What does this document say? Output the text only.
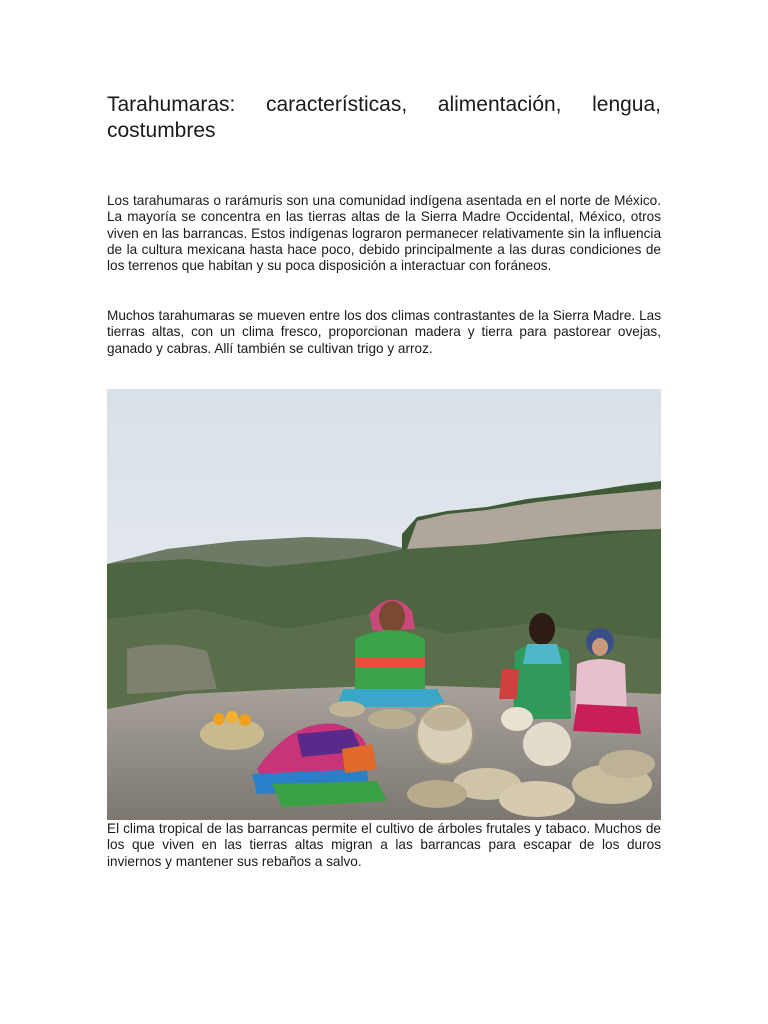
Tarahumaras: características, alimentación, lengua, costumbres

Los tarahumaras o rarámuris son una comunidad indígena asentada en el norte de México. La mayoría se concentra en las tierras altas de la Sierra Madre Occidental, México, otros viven en las barrancas. Estos indígenas lograron permanecer relativamente sin la influencia de la cultura mexicana hasta hace poco, debido principalmente a las duras condiciones de los terrenos que habitan y su poca disposición a interactuar con foráneos.

Muchos tarahumaras se mueven entre los dos climas contrastantes de la Sierra Madre. Las tierras altas, con un clima fresco, proporcionan madera y tierra para pastorear ovejas, ganado y cabras. Allí también se cultivan trigo y arroz.

El clima tropical de las barrancas permite el cultivo de árboles frutales y tabaco. Muchos de los que viven en las tierras altas migran a las barrancas para escapar de los duros inviernos y mantener sus rebaños a salvo.
